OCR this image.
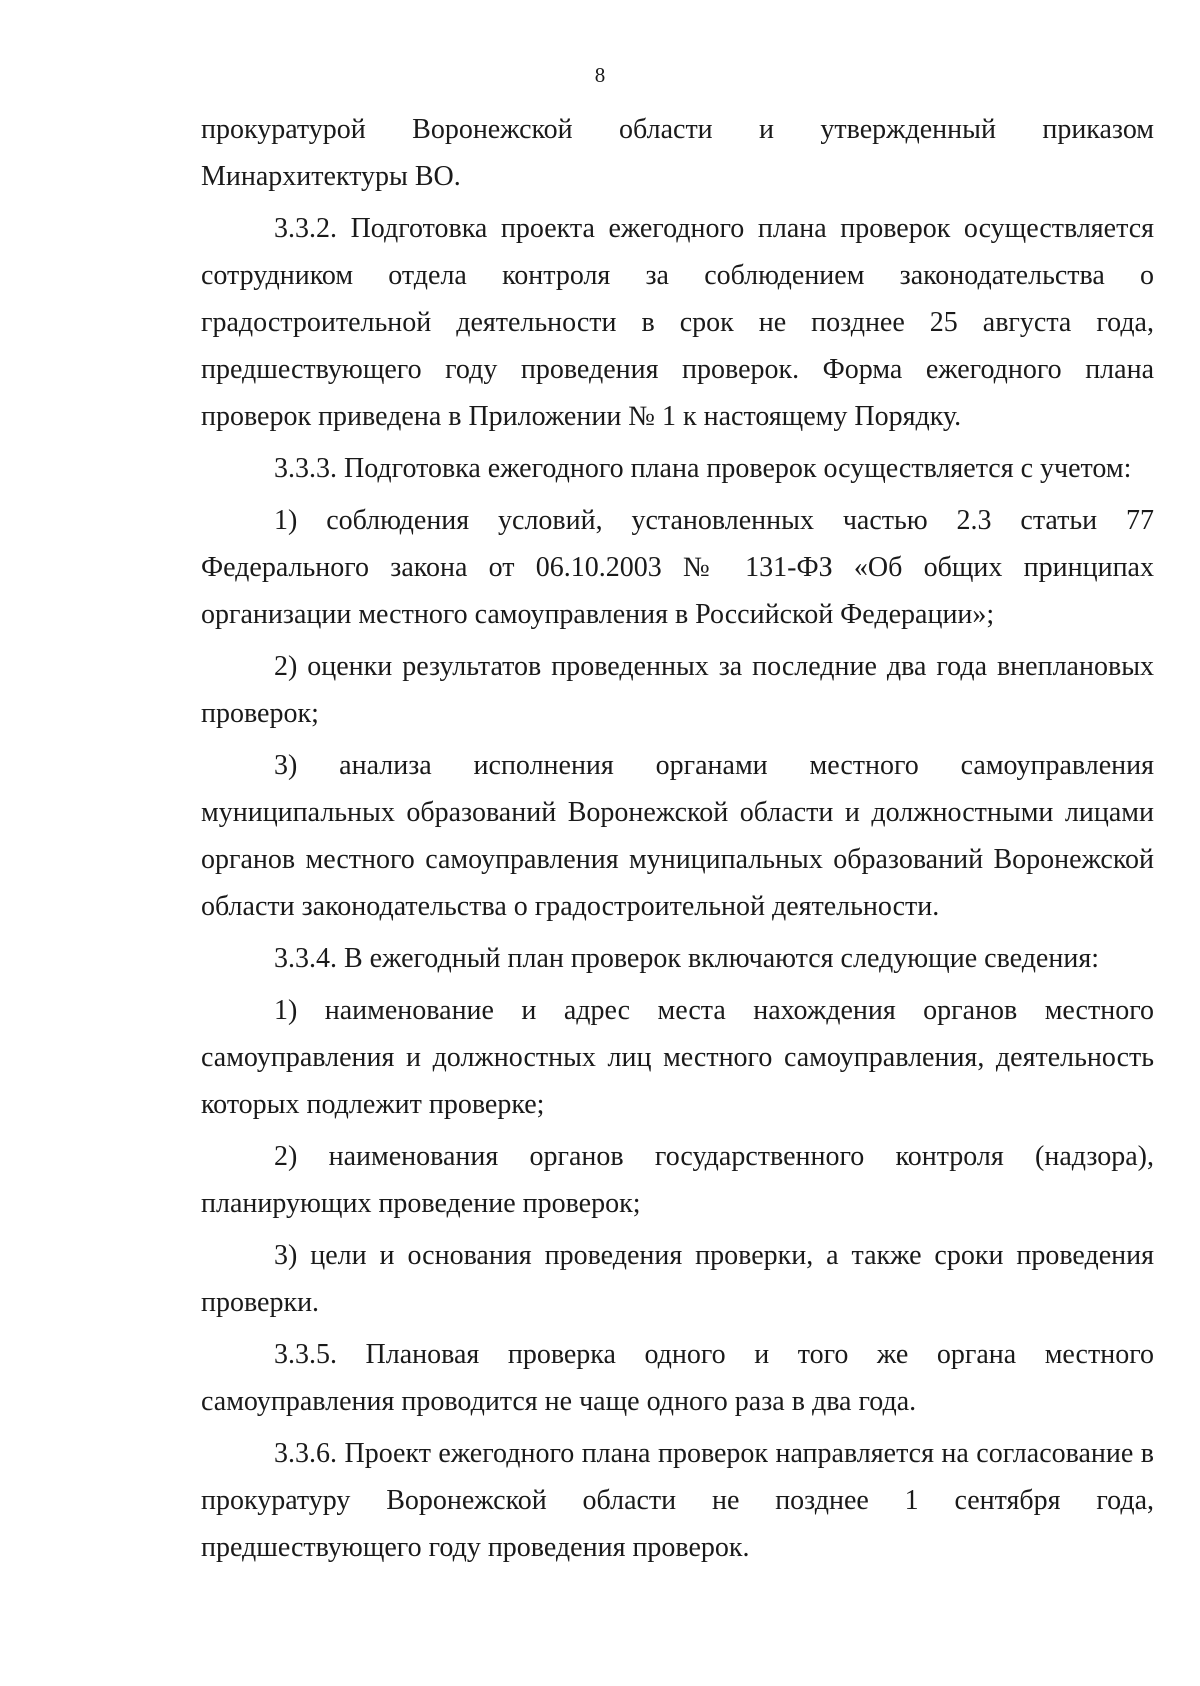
8

прокуратурой Воронежской области и утвержденный приказом Минархитектуры ВО.

3.3.2. Подготовка проекта ежегодного плана проверок осуществляется сотрудником отдела контроля за соблюдением законодательства о градостроительной деятельности в срок не позднее 25 августа года, предшествующего году проведения проверок. Форма ежегодного плана проверок приведена в Приложении № 1 к настоящему Порядку.

3.3.3. Подготовка ежегодного плана проверок осуществляется с учетом:

1) соблюдения условий, установленных частью 2.3 статьи 77 Федерального закона от 06.10.2003 № 131-ФЗ «Об общих принципах организации местного самоуправления в Российской Федерации»;

2) оценки результатов проведенных за последние два года внеплановых проверок;

3) анализа исполнения органами местного самоуправления муниципальных образований Воронежской области и должностными лицами органов местного самоуправления муниципальных образований Воронежской области законодательства о градостроительной деятельности.

3.3.4. В ежегодный план проверок включаются следующие сведения:

1) наименование и адрес места нахождения органов местного самоуправления и должностных лиц местного самоуправления, деятельность которых подлежит проверке;

2) наименования органов государственного контроля (надзора), планирующих проведение проверок;

3) цели и основания проведения проверки, а также сроки проведения проверки.

3.3.5. Плановая проверка одного и того же органа местного самоуправления проводится не чаще одного раза в два года.

3.3.6. Проект ежегодного плана проверок направляется на согласование в прокуратуру Воронежской области не позднее 1 сентября года, предшествующего году проведения проверок.
